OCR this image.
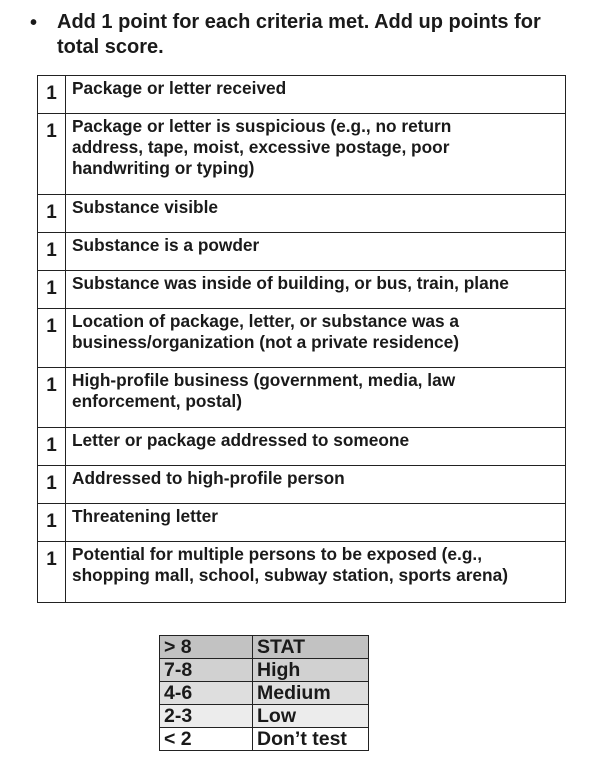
• Add 1 point for each criteria met. Add up points for
total score.
1	Package or letter received

1	Package or letter is suspicious (e.g., no return
address, tape, moist, excessive postage, poor
handwriting or typing)

1	Substance visible

1	Substance is a powder

1	Substance was inside of building, or bus, train, plane

1	Location of package, letter, or substance was a
business/organization (not a private residence)

1	High-profile business (government, media, law
enforcement, postal)

1	Letter or package addressed to someone

1	Addressed to high-profile person

1	Threatening letter

1	Potential for multiple persons to be exposed (e.g.,
shopping mall, school, subway station, sports arena)
> 8	STAT
7-8	High
4-6	Medium
2-3	Low
< 2	Don’t test
